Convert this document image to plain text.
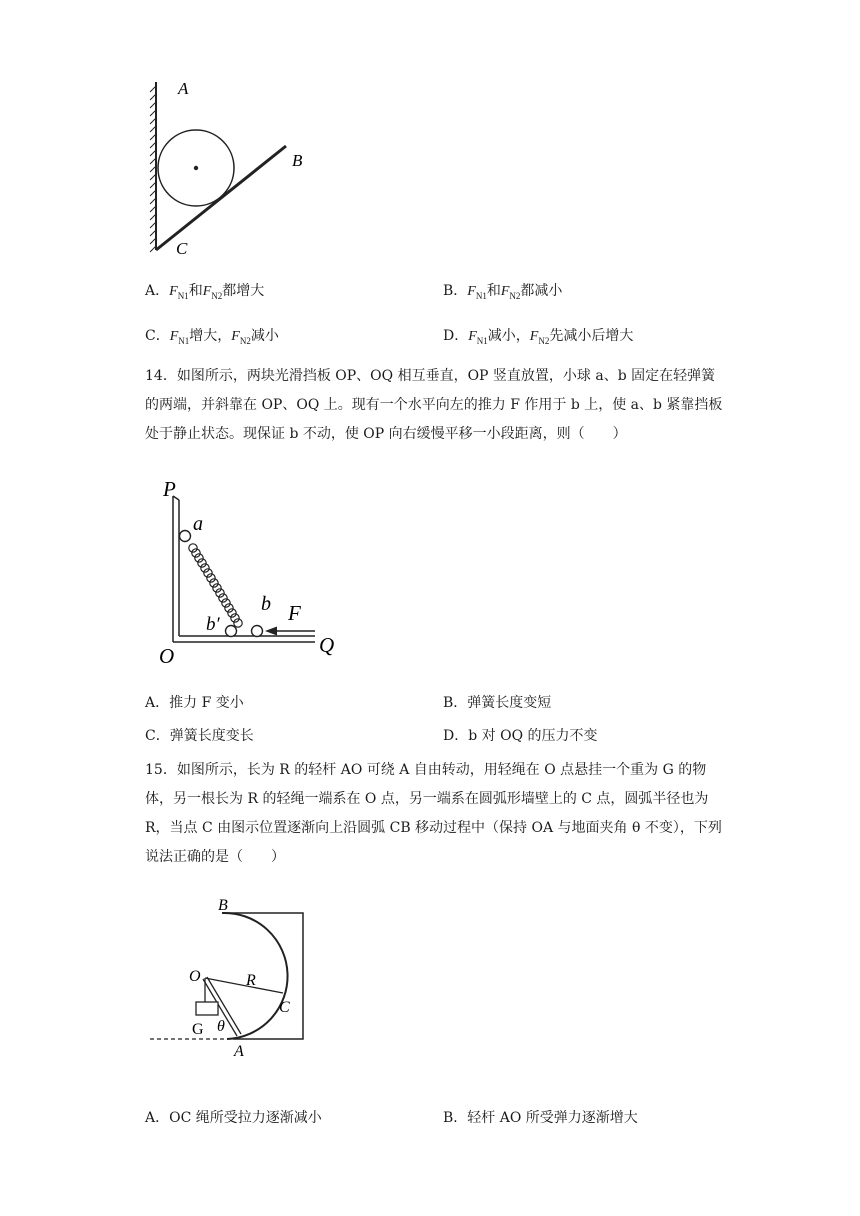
A
B
C
A．$F_{N1}$和$F_{N2}$都增大	B．$F_{N1}$和$F_{N2}$都减小
C．$F_{N1}$增大，$F_{N2}$减小	D．$F_{N1}$减小，$F_{N2}$先减小后增大
14．如图所示，两块光滑挡板 OP、OQ 相互垂直，OP 竖直放置，小球 a、b 固定在轻弹簧的两端，并斜靠在 OP、OQ 上。现有一个水平向左的推力 F 作用于 b 上，使 a、b 紧靠挡板处于静止状态。现保证 b 不动，使 OP 向右缓慢平移一小段距离，则（　　）
P
a
b
b′	F
O	Q
A．推力 F 变小	B．弹簧长度变短
C．弹簧长度变长	D．b 对 OQ 的压力不变
15．如图所示，长为 R 的轻杆 AO 可绕 A 自由转动，用轻绳在 O 点悬挂一个重为 G 的物体，另一根长为 R 的轻绳一端系在 O 点，另一端系在圆弧形墙壁上的 C 点，圆弧半径也为 R，当点 C 由图示位置逐渐向上沿圆弧 CB 移动过程中（保持 OA 与地面夹角 θ 不变），下列说法正确的是（　　）
B
O	R
C
G θ
A
A．OC 绳所受拉力逐渐减小	B．轻杆 AO 所受弹力逐渐增大
